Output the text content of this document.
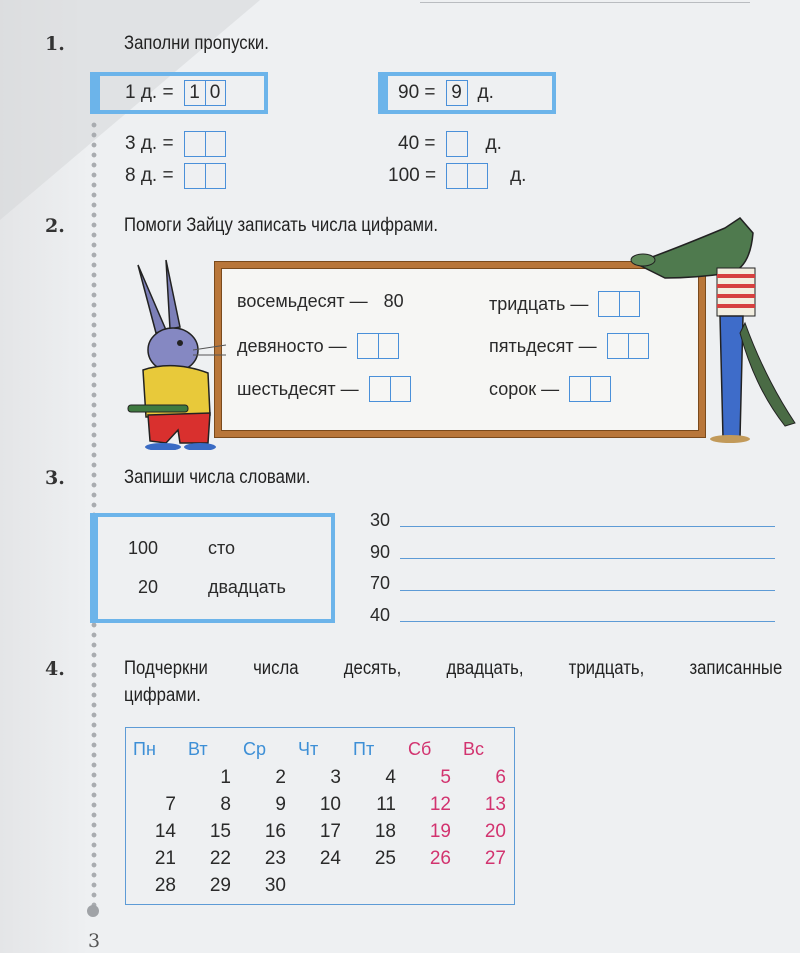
1.	Заполни пропуски.
1 д. = 1 0
3 д. =
8 д. =
90 = 9 д.
40 =	д.
100 =	д.
2.	Помоги Зайцу записать числа цифрами.
восемьдесят — 80	тридцать —
девяносто —	пятьдесят —
шестьдесят —	сорок —
3.	Запиши числа словами.
100	сто
20	двадцать
30
90
70
40
4.	Подчеркни числа десять, двадцать, тридцать, записанные
цифрами.
Пн	Вт	Ср	Чт	Пт	Сб	Вс
	1	2	3	4	5	6
7	8	9	10	11	12	13
14	15	16	17	18	19	20
21	22	23	24	25	26	27
28	29	30				
3
